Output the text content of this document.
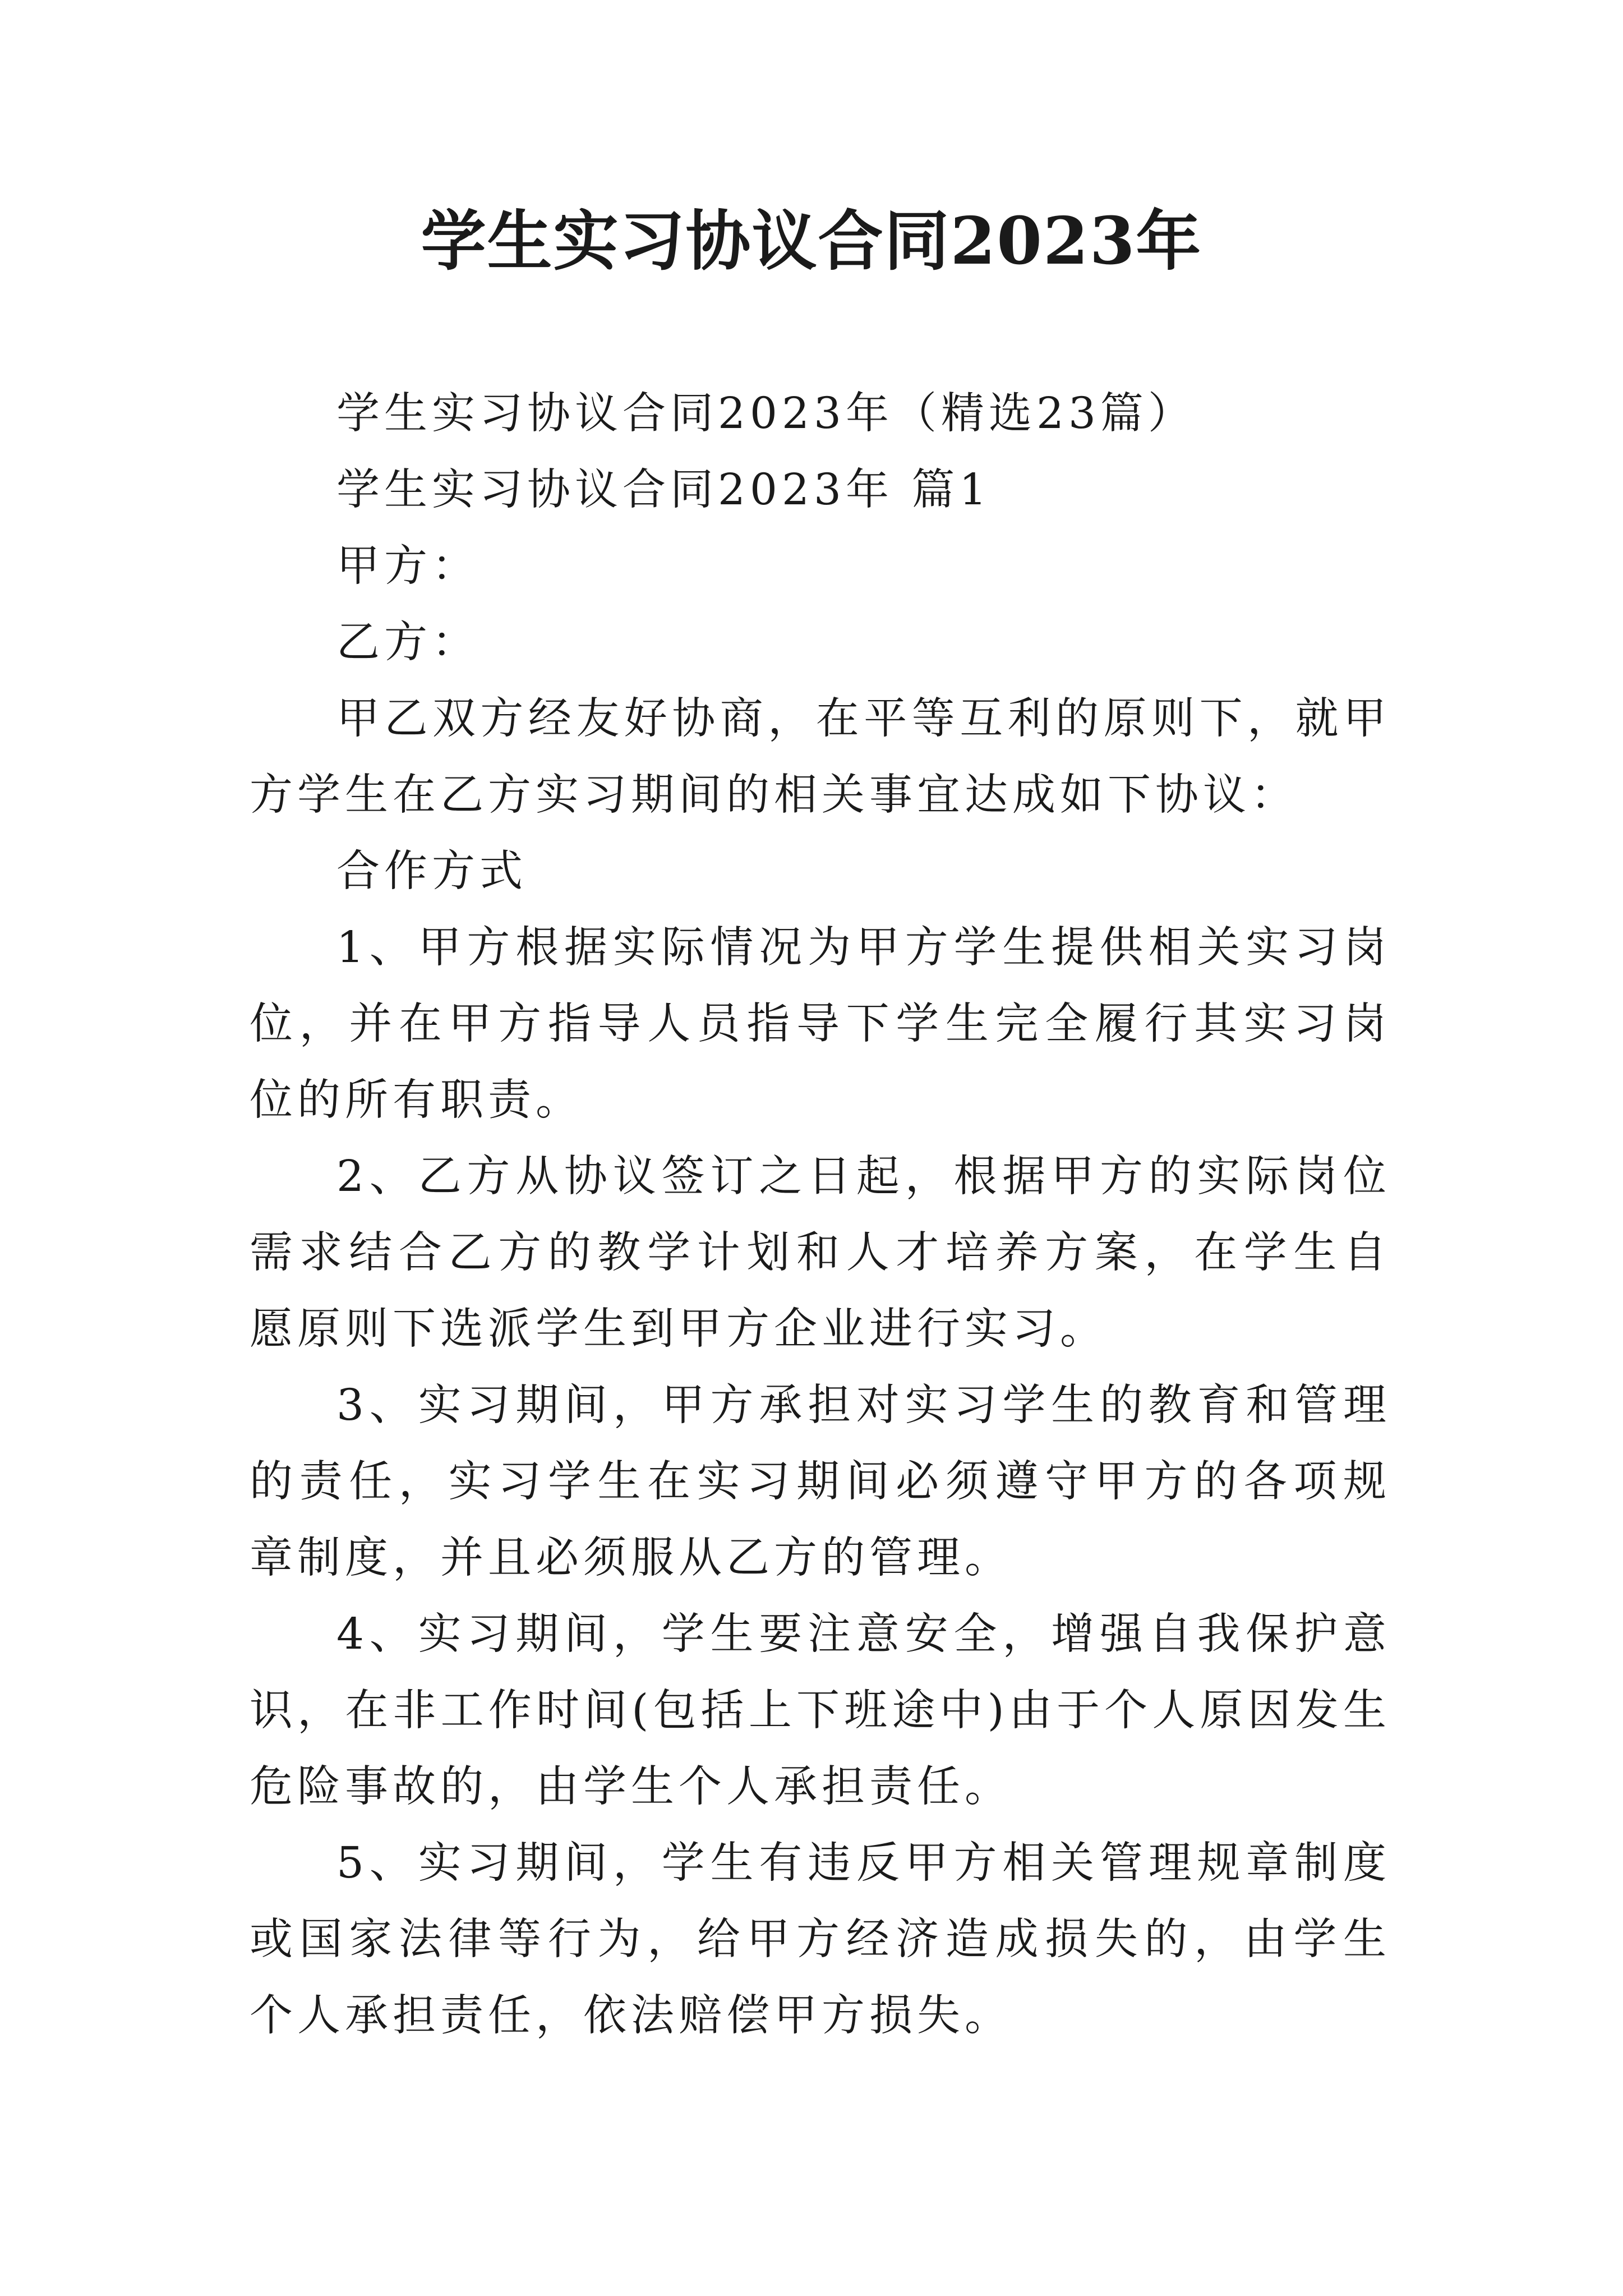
学生实习协议合同2023年

学生实习协议合同2023年（精选23篇）

学生实习协议合同2023年 篇1

甲方：

乙方：

甲乙双方经友好协商，在平等互利的原则下，就甲方学生在乙方实习期间的相关事宜达成如下协议：

合作方式

1、甲方根据实际情况为甲方学生提供相关实习岗位，并在甲方指导人员指导下学生完全履行其实习岗位的所有职责。

2、乙方从协议签订之日起，根据甲方的实际岗位需求结合乙方的教学计划和人才培养方案，在学生自愿原则下选派学生到甲方企业进行实习。

3、实习期间，甲方承担对实习学生的教育和管理的责任，实习学生在实习期间必须遵守甲方的各项规章制度，并且必须服从乙方的管理。

4、实习期间，学生要注意安全，增强自我保护意识，在非工作时间(包括上下班途中)由于个人原因发生危险事故的，由学生个人承担责任。

5、实习期间，学生有违反甲方相关管理规章制度或国家法律等行为，给甲方经济造成损失的，由学生个人承担责任，依法赔偿甲方损失。
